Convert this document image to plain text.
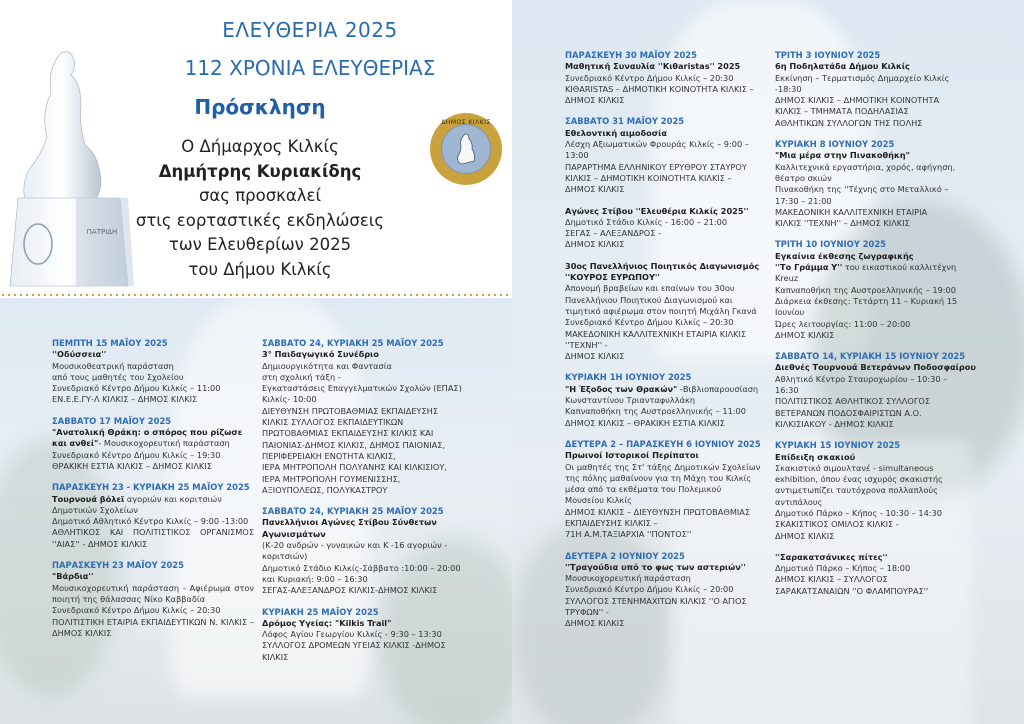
ΠΑΤΡΙΔΗ
ΕΛΕΥΘΕΡΙΑ 2025
112 ΧΡΟΝΙΑ ΕΛΕΥΘΕΡΙΑΣ
Πρόσκληση
Ο Δήμαρχος Κιλκίς
Δημήτρης Κυριακίδης
σας προσκαλεί
στις εορταστικές εκδηλώσεις
των Ελευθερίων 2025
του Δήμου Κιλκίς
ΔΗΜΟΣ ΚΙΛΚΙΣ
ΠΕΜΠΤΗ 15 ΜΑΪΟΥ 2025
''Οδύσσεια''
Μουσικοθεατρική παράσταση
από τους μαθητές του Σχολείου
Συνεδριακό Κέντρο Δήμου Κιλκίς – 11:00
ΕΝ.Ε.Ε.ΓΥ-Λ ΚΙΛΚΙΣ – ΔΗΜΟΣ ΚΙΛΚΙΣ
ΣΑΒΒΑΤΟ 17 ΜΑΪΟΥ 2025
"Ανατολική Θράκη: ο σπόρος που ρίζωσε και ανθεί"- Μουσικοχορευτική παράσταση
Συνεδριακό Κέντρο Δήμου Κιλκίς – 19:30
ΘΡΑΚΙΚΗ ΕΣΤΙΑ ΚΙΛΚΙΣ – ΔΗΜΟΣ ΚΙΛΚΙΣ
ΠΑΡΑΣΚΕΥΗ 23 - ΚΥΡΙΑΚΗ 25 ΜΑΪΟΥ 2025
Τουρνουά βόλεϊ αγοριών και κοριτσιών Δημοτικών Σχολείων
Δημοτικό Αθλητικό Κέντρο Κιλκίς – 9:00 -13:00
ΑΘΛΗΤΙΚΟΣ ΚΑΙ ΠΟΛΙΤΙΣΤΙΚΟΣ ΟΡΓΑΝΙΣΜΟΣ ''ΑΙΑΣ'' - ΔΗΜΟΣ ΚΙΛΚΙΣ
ΠΑΡΑΣΚΕΥΗ 23 ΜΑΪΟΥ 2025
"Βάρδια''
Μουσικοχορευτική παράσταση - Αφιέρωμα στον ποιητή της θάλασσας Νίκο Καββαδία
Συνεδριακό Κέντρο Δήμου Κιλκίς – 20:30
ΠΟΛΙΤΙΣΤΙΚΗ ΕΤΑΙΡΙΑ ΕΚΠΑΙΔΕΥΤΙΚΩΝ Ν. ΚΙΛΚΙΣ – ΔΗΜΟΣ ΚΙΛΚΙΣ
ΣΑΒΒΑΤΟ 24, ΚΥΡΙΑΚΗ 25 ΜΑΪΟΥ 2025
3° Παιδαγωγικό Συνέδριο
Δημιουργικότητα και Φαντασία
στη σχολική τάξη -
Εγκαταστάσεις Επαγγελματικών Σχολών (ΕΠΑΣ)
Κιλκίς- 10:00
ΔΙΕΥΘΥΝΣΗ ΠΡΩΤΟΒΑΘΜΙΑΣ ΕΚΠΑΙΔΕΥΣΗΣ
ΚΙΛΚΙΣ ΣΥΛΛΟΓΟΣ ΕΚΠΑΙΔΕΥΤΙΚΩΝ
ΠΡΩΤΟΒΑΘΜΙΑΣ ΕΚΠΑΙΔΕΥΣΗΣ ΚΙΛΚΙΣ ΚΑΙ
ΠΑΙΟΝΙΑΣ-ΔΗΜΟΣ ΚΙΛΚΙΣ, ΔΗΜΟΣ ΠΑΙΟΝΙΑΣ,
ΠΕΡΙΦΕΡΕΙΑΚΗ ΕΝΟΤΗΤΑ ΚΙΛΚΙΣ,
ΙΕΡΑ ΜΗΤΡΟΠΟΛΗ ΠΟΛΥΑΝΗΣ ΚΑΙ ΚΙΛΚΙΣΙΟΥ,
ΙΕΡΑ ΜΗΤΡΟΠΟΛΗ ΓΟΥΜΕΝΙΣΣΗΣ,
ΑΞΙΟΥΠΟΛΕΩΣ, ΠΟΛΥΚΑΣΤΡΟΥ
ΣΑΒΒΑΤΟ 24, ΚΥΡΙΑΚΗ 25 ΜΑΪΟΥ 2025
Πανελλήνιοι Αγώνες Στίβου Σύνθετων Αγωνισμάτων
(Κ-20 ανδρών - γυναικών και Κ -16 αγοριών - κοριτσιών)
Δημοτικό Στάδιο Κιλκίς-Σάββατο :10:00 – 20:00
και Κυριακή: 9:00 – 16:30
ΣΕΓΑΣ-ΑΛΕΞΑΝΔΡΟΣ ΚΙΛΚΙΣ-ΔΗΜΟΣ ΚΙΛΚΙΣ
ΚΥΡΙΑΚΗ 25 ΜΑΪΟΥ 2025
Δρόμος Υγείας: "Kilkis Trail"
Λόφος Αγίου Γεωργίου Κιλκίς - 9:30 – 13:30
ΣΥΛΛΟΓΟΣ ΔΡΟΜΕΩΝ ΥΓΕΙΑΣ ΚΙΛΚΙΣ -ΔΗΜΟΣ ΚΙΛΚΙΣ
ΠΑΡΑΣΚΕΥΗ 30 ΜΑΪΟΥ 2025
Μαθητική Συναυλία ''Κιθaristas'' 2025
Συνεδριακό Κέντρο Δήμου Κιλκίς – 20:30
ΚΙΘARISTAS – ΔΗΜΟΤΙΚΗ ΚΟΙΝΟΤΗΤΑ ΚΙΛΚΙΣ –
ΔΗΜΟΣ ΚΙΛΚΙΣ
ΣΑΒΒΑΤΟ 31 ΜΑΪΟΥ 2025
Εθελοντική αιμοδοσία
Λέσχη Αξιωματικών Φρουράς Κιλκίς – 9:00 –
13:00
ΠΑΡΑΡΤΗΜΑ ΕΛΛΗΝΙΚΟΥ ΕΡΥΘΡΟΥ ΣΤΑΥΡΟΥ
ΚΙΛΚΙΣ – ΔΗΜΟΤΙΚΗ ΚΟΙΝΟΤΗΤΑ ΚΙΛΚΙΣ –
ΔΗΜΟΣ ΚΙΛΚΙΣ
Αγώνες Στίβου ''Ελευθέρια Κιλκίς 2025''
Δημοτικό Στάδιο Κιλκίς - 16:00 – 21:00
ΣΕΓΑΣ – ΑΛΕΞΑΝΔΡΟΣ -
ΔΗΜΟΣ ΚΙΛΚΙΣ
30ος Πανελλήνιος Ποιητικός Διαγωνισμός ''ΚΟΥΡΟΣ ΕΥΡΩΠΟΥ''
Απονομή βραβείων και επαίνων του 30ου
Πανελλήνιου Ποιητικού Διαγωνισμού και
τιμητικό αφιέρωμα στον ποιητή Μιχάλη Γκανά
Συνεδριακό Κέντρο Δήμου Κιλκίς – 20:30
ΜΑΚΕΔΟΝΙΚΗ ΚΑΛΛΙΤΕΧΝΙΚΗ ΕΤΑΙΡΙΑ ΚΙΛΚΙΣ
''ΤΕΧΝΗ'' -
ΔΗΜΟΣ ΚΙΛΚΙΣ
ΚΥΡΙΑΚΗ 1Η ΙΟΥΝΙΟΥ 2025
"Η Έξοδος των Θρακών" -Βιβλιοπαρουσίαση
Κωνσταντίνου Τριανταφυλλάκη
Καπναποθήκη της Αυστροελληνικής – 11:00
ΔΗΜΟΣ ΚΙΛΚΙΣ – ΘΡΑΚΙΚΗ ΕΣΤΙΑ ΚΙΛΚΙΣ
ΔΕΥΤΕΡΑ 2 – ΠΑΡΑΣΚΕΥΗ 6 ΙΟΥΝΙΟΥ 2025
Πρωινοί Ιστορικοί Περίπατοι
Οι μαθητές της Στ' τάξης Δημοτικών Σχολείων
της πόλης μαθαίνουν για τη Μάχη του Κιλκίς
μέσα από τα εκθέματα του Πολεμικού
Μουσείου Κιλκίς
ΔΗΜΟΣ ΚΙΛΚΙΣ – ΔΙΕΥΘΥΝΣΗ ΠΡΩΤΟΒΑΘΜΙΑΣ
ΕΚΠΑΙΔΕΥΣΗΣ ΚΙΛΚΙΣ –
71Η Α.Μ.ΤΑΞΙΑΡΧΙΑ ''ΠΟΝΤΟΣ''
ΔΕΥΤΕΡΑ 2 ΙΟΥΝΙΟΥ 2025
''Τραγούδια υπό το φως των αστεριών''
Μουσικοχορευτική παράσταση
Συνεδριακό Κέντρο Δήμου Κιλκίς – 20:00
ΣΥΛΛΟΓΟΣ ΣΤΕΝΗΜΑΧΙΤΩΝ ΚΙΛΚΙΣ ''Ο ΑΓΙΟΣ
ΤΡΥΦΩΝ'' -
ΔΗΜΟΣ ΚΙΛΚΙΣ
ΤΡΙΤΗ 3 ΙΟΥΝΙΟΥ 2025
6η Ποδηλατάδα Δήμου Κιλκίς
Εκκίνηση – Τερματισμός Δημαρχείο Κιλκίς
-18:30
ΔΗΜΟΣ ΚΙΛΚΙΣ – ΔΗΜΟΤΙΚΗ ΚΟΙΝΟΤΗΤΑ
ΚΙΛΚΙΣ – ΤΜΗΜΑΤΑ ΠΟΔΗΛΑΣΙΑΣ
ΑΘΛΗΤΙΚΩΝ ΣΥΛΛΟΓΩΝ ΤΗΣ ΠΟΛΗΣ
ΚΥΡΙΑΚΗ 8 ΙΟΥΝΙΟΥ 2025
"Μια μέρα στην Πινακοθήκη"
Καλλιτεχνικά εργαστήρια, χορός, αφήγηση,
θέατρο σκιών
Πινακοθήκη της ''Τέχνης στο Μεταλλικό –
17:30 – 21:00
ΜΑΚΕΔΟΝΙΚΗ ΚΑΛΛΙΤΕΧΝΙΚΗ ΕΤΑΙΡΙΑ
ΚΙΛΚΙΣ ''ΤΕΧΝΗ'' – ΔΗΜΟΣ ΚΙΛΚΙΣ
ΤΡΙΤΗ 10 ΙΟΥΝΙΟΥ 2025
Εγκαίνια έκθεσης ζωγραφικής
''Το Γράμμα Υ'' του εικαστικού καλλιτέχνη
Kreuz
Καπναποθήκη της Αυστροελληνικής – 19:00
Διάρκεια έκθεσης: Τετάρτη 11 – Κυριακή 15
Ιουνίου
Ώρες λειτουργίας: 11:00 – 20:00
ΔΗΜΟΣ ΚΙΛΚΙΣ
ΣΑΒΒΑΤΟ 14, ΚΥΡΙΑΚΗ 15 ΙΟΥΝΙΟΥ 2025
Διεθνές Τουρνουά Βετεράνων Ποδοσφαίρου
Αθλητικό Κέντρο Σταυροχωρίου – 10:30 –
16:30
ΠΟΛΙΤΙΣΤΙΚΟΣ ΑΘΛΗΤΙΚΟΣ ΣΥΛΛΟΓΟΣ
ΒΕΤΕΡΑΝΩΝ ΠΟΔΟΣΦΑΙΡΙΣΤΩΝ Α.Ο.
ΚΙΛΚΙΣΙΑΚΟΥ - ΔΗΜΟΣ ΚΙΛΚΙΣ
ΚΥΡΙΑΚΗ 15 ΙΟΥΝΙΟΥ 2025
Επίδειξη σκακιού
Σκακιστικό σιμουλτανέ - simultaneous
exhibition, όπου ένας ισχυρός σκακιστής
αντιμετωπίζει ταυτόχρονα πολλαπλούς
αντιπάλους
Δημοτικό Πάρκο – Κήπος - 10:30 – 14:30
ΣΚΑΚΙΣΤΙΚΟΣ ΟΜΙΛΟΣ ΚΙΛΚΙΣ -
ΔΗΜΟΣ ΚΙΛΚΙΣ
''Σαρακατσάνικες πίτες''
Δημοτικό Πάρκο – Κήπος – 18:00
ΔΗΜΟΣ ΚΙΛΚΙΣ – ΣΥΛΛΟΓΟΣ
ΣΑΡΑΚΑΤΣΑΝΑΙΩΝ ''Ο ΦΛΑΜΠΟΥΡΑΣ''
